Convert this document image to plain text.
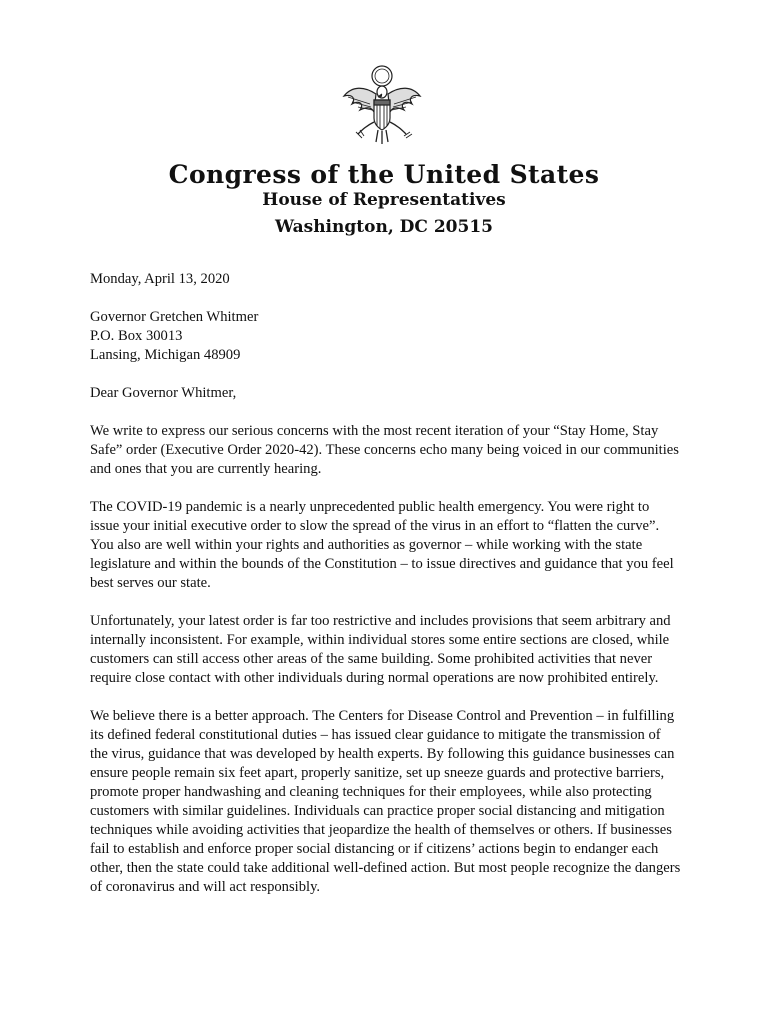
Congress of the United States
House of Representatives
Washington, DC 20515

Monday, April 13, 2020

Governor Gretchen Whitmer

P.O. Box 30013

Lansing, Michigan 48909

Dear Governor Whitmer,

We write to express our serious concerns with the most recent iteration of your “Stay Home, Stay Safe” order (Executive Order 2020-42). These concerns echo many being voiced in our communities and ones that you are currently hearing.

The COVID-19 pandemic is a nearly unprecedented public health emergency. You were right to issue your initial executive order to slow the spread of the virus in an effort to “flatten the curve”. You also are well within your rights and authorities as governor – while working with the state legislature and within the bounds of the Constitution – to issue directives and guidance that you feel best serves our state.

Unfortunately, your latest order is far too restrictive and includes provisions that seem arbitrary and internally inconsistent. For example, within individual stores some entire sections are closed, while customers can still access other areas of the same building. Some prohibited activities that never require close contact with other individuals during normal operations are now prohibited entirely.

We believe there is a better approach. The Centers for Disease Control and Prevention – in fulfilling its defined federal constitutional duties – has issued clear guidance to mitigate the transmission of the virus, guidance that was developed by health experts. By following this guidance businesses can ensure people remain six feet apart, properly sanitize, set up sneeze guards and protective barriers, promote proper handwashing and cleaning techniques for their employees, while also protecting customers with similar guidelines. Individuals can practice proper social distancing and mitigation techniques while avoiding activities that jeopardize the health of themselves or others. If businesses fail to establish and enforce proper social distancing or if citizens’ actions begin to endanger each other, then the state could take additional well-defined action. But most people recognize the dangers of coronavirus and will act responsibly.
